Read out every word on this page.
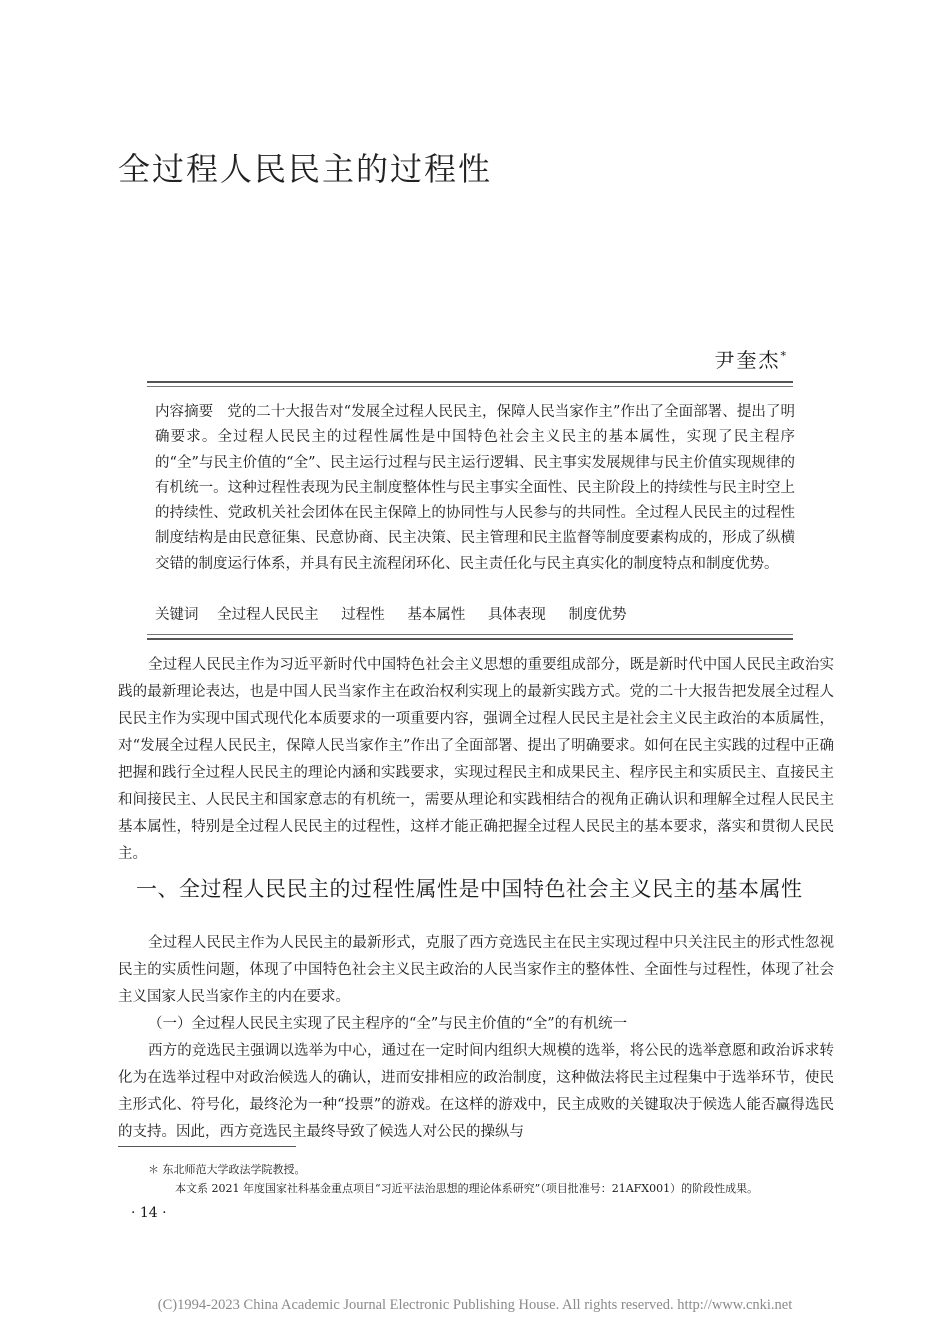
全过程人民民主的过程性
尹奎杰*
内容摘要 党的二十大报告对“发展全过程人民民主，保障人民当家作主”作出了全面部署、提出了明确要求。全过程人民民主的过程性属性是中国特色社会主义民主的基本属性，实现了民主程序的“全”与民主价值的“全”、民主运行过程与民主运行逻辑、民主事实发展规律与民主价值实现规律的有机统一。这种过程性表现为民主制度整体性与民主事实全面性、民主阶段上的持续性与民主时空上的持续性、党政机关社会团体在民主保障上的协同性与人民参与的共同性。全过程人民民主的过程性制度结构是由民意征集、民意协商、民主决策、民主管理和民主监督等制度要素构成的，形成了纵横交错的制度运行体系，并具有民主流程闭环化、民主责任化与民主真实化的制度特点和制度优势。
关键词 全过程人民民主 过程性 基本属性 具体表现 制度优势

全过程人民民主作为习近平新时代中国特色社会主义思想的重要组成部分，既是新时代中国人民民主政治实践的最新理论表达，也是中国人民当家作主在政治权利实现上的最新实践方式。党的二十大报告把发展全过程人民民主作为实现中国式现代化本质要求的一项重要内容，强调全过程人民民主是社会主义民主政治的本质属性，对“发展全过程人民民主，保障人民当家作主”作出了全面部署、提出了明确要求。如何在民主实践的过程中正确把握和践行全过程人民民主的理论内涵和实践要求，实现过程民主和成果民主、程序民主和实质民主、直接民主和间接民主、人民民主和国家意志的有机统一，需要从理论和实践相结合的视角正确认识和理解全过程人民民主基本属性，特别是全过程人民民主的过程性，这样才能正确把握全过程人民民主的基本要求，落实和贯彻人民民主。

一、全过程人民民主的过程性属性是中国特色社会主义民主的基本属性

全过程人民民主作为人民民主的最新形式，克服了西方竞选民主在民主实现过程中只关注民主的形式性忽视民主的实质性问题，体现了中国特色社会主义民主政治的人民当家作主的整体性、全面性与过程性，体现了社会主义国家人民当家作主的内在要求。

（一）全过程人民民主实现了民主程序的“全”与民主价值的“全”的有机统一

西方的竞选民主强调以选举为中心，通过在一定时间内组织大规模的选举，将公民的选举意愿和政治诉求转化为在选举过程中对政治候选人的确认，进而安排相应的政治制度，这种做法将民主过程集中于选举环节，使民主形式化、符号化，最终沦为一种“投票”的游戏。在这样的游戏中，民主成败的关键取决于候选人能否赢得选民的支持。因此，西方竞选民主最终导致了候选人对公民的操纵与

＊ 东北师范大学政法学院教授。
本文系 2021 年度国家社科基金重点项目“习近平法治思想的理论体系研究”（项目批准号：21AFX001）的阶段性成果。
· 14 ·
(C)1994-2023 China Academic Journal Electronic Publishing House. All rights reserved. http://www.cnki.net
